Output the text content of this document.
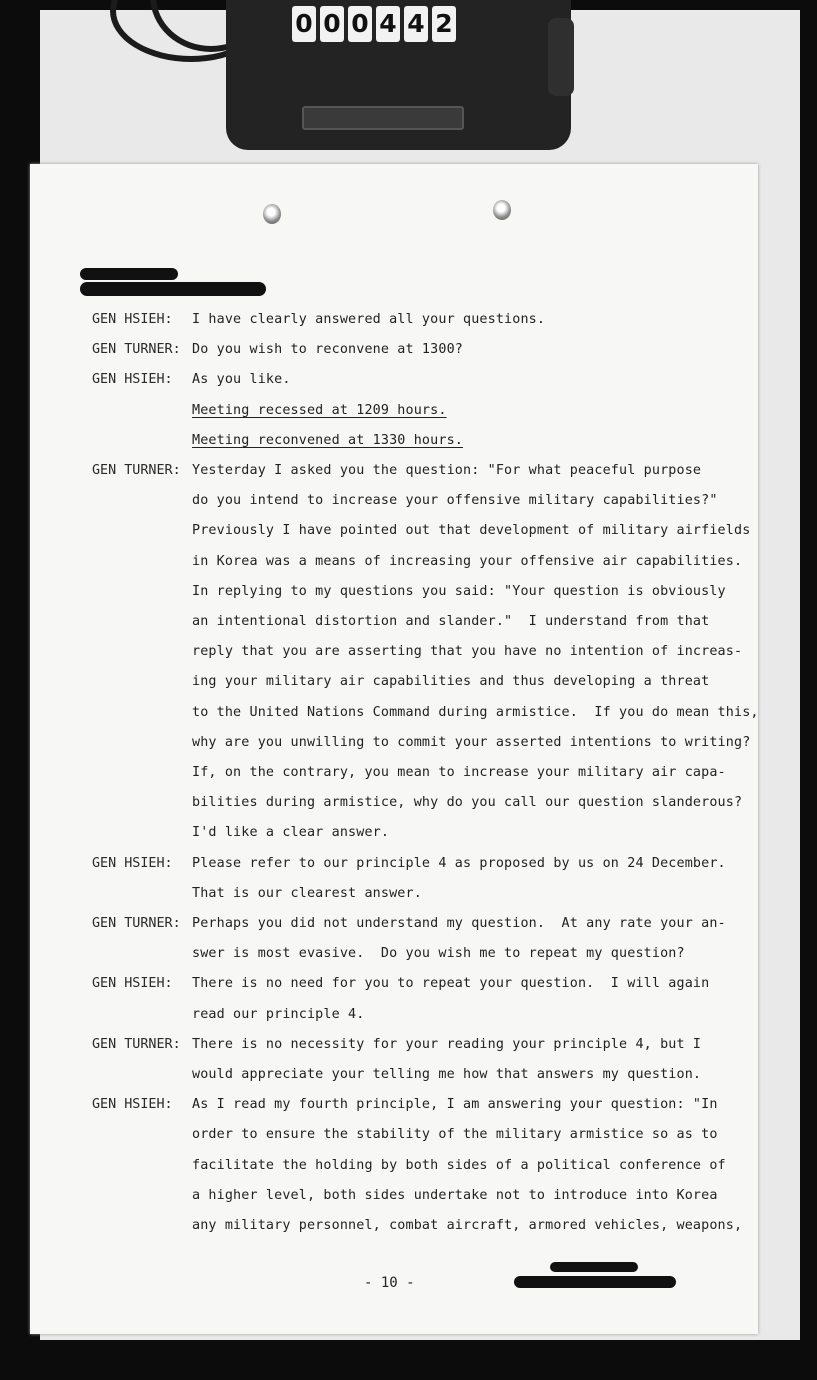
0 0 0 4 4 2
GEN HSIEH: I have clearly answered all your questions.
GEN TURNER: Do you wish to reconvene at 1300?
GEN HSIEH: As you like.
Meeting recessed at 1209 hours.
Meeting reconvened at 1330 hours.
GEN TURNER: Yesterday I asked you the question: "For what peaceful purpose
do you intend to increase your offensive military capabilities?"
Previously I have pointed out that development of military airfields
in Korea was a means of increasing your offensive air capabilities.
In replying to my questions you said: "Your question is obviously
an intentional distortion and slander."  I understand from that
reply that you are asserting that you have no intention of increas-
ing your military air capabilities and thus developing a threat
to the United Nations Command during armistice.  If you do mean this,
why are you unwilling to commit your asserted intentions to writing?
If, on the contrary, you mean to increase your military air capa-
bilities during armistice, why do you call our question slanderous?
I'd like a clear answer.
GEN HSIEH: Please refer to our principle 4 as proposed by us on 24 December.
That is our clearest answer.
GEN TURNER: Perhaps you did not understand my question.  At any rate your an-
swer is most evasive.  Do you wish me to repeat my question?
GEN HSIEH: There is no need for you to repeat your question.  I will again
read our principle 4.
GEN TURNER: There is no necessity for your reading your principle 4, but I
would appreciate your telling me how that answers my question.
GEN HSIEH: As I read my fourth principle, I am answering your question: "In
order to ensure the stability of the military armistice so as to
facilitate the holding by both sides of a political conference of
a higher level, both sides undertake not to introduce into Korea
any military personnel, combat aircraft, armored vehicles, weapons,
- 10 -
